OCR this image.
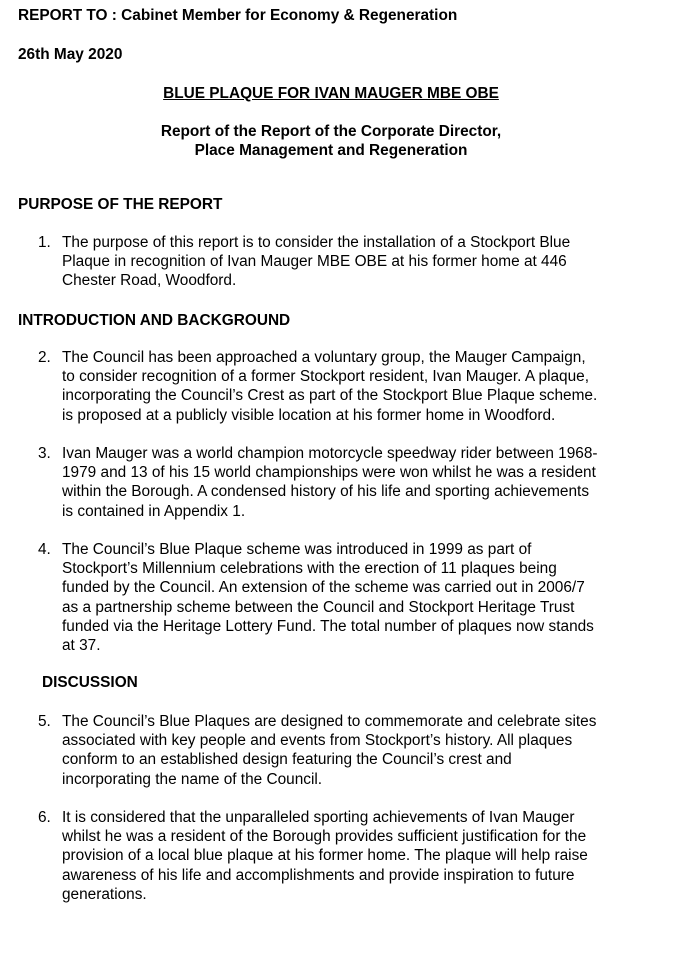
REPORT TO : Cabinet Member for Economy & Regeneration
26th May 2020
BLUE PLAQUE FOR IVAN MAUGER MBE OBE
Report of the Report of the Corporate Director,
Place Management and Regeneration
PURPOSE OF THE REPORT
1. The purpose of this report is to consider the installation of a Stockport Blue
Plaque in recognition of Ivan Mauger MBE OBE at his former home at 446
Chester Road, Woodford.
INTRODUCTION AND BACKGROUND
2. The Council has been approached a voluntary group, the Mauger Campaign,
to consider recognition of a former Stockport resident, Ivan Mauger. A plaque,
incorporating the Council’s Crest as part of the Stockport Blue Plaque scheme.
is proposed at a publicly visible location at his former home in Woodford.
3. Ivan Mauger was a world champion motorcycle speedway rider between 1968-
1979 and 13 of his 15 world championships were won whilst he was a resident
within the Borough. A condensed history of his life and sporting achievements
is contained in Appendix 1.
4. The Council’s Blue Plaque scheme was introduced in 1999 as part of
Stockport’s Millennium celebrations with the erection of 11 plaques being
funded by the Council. An extension of the scheme was carried out in 2006/7
as a partnership scheme between the Council and Stockport Heritage Trust
funded via the Heritage Lottery Fund. The total number of plaques now stands
at 37.
DISCUSSION
5. The Council’s Blue Plaques are designed to commemorate and celebrate sites
associated with key people and events from Stockport’s history. All plaques
conform to an established design featuring the Council’s crest and
incorporating the name of the Council.
6. It is considered that the unparalleled sporting achievements of Ivan Mauger
whilst he was a resident of the Borough provides sufficient justification for the
provision of a local blue plaque at his former home. The plaque will help raise
awareness of his life and accomplishments and provide inspiration to future
generations.
